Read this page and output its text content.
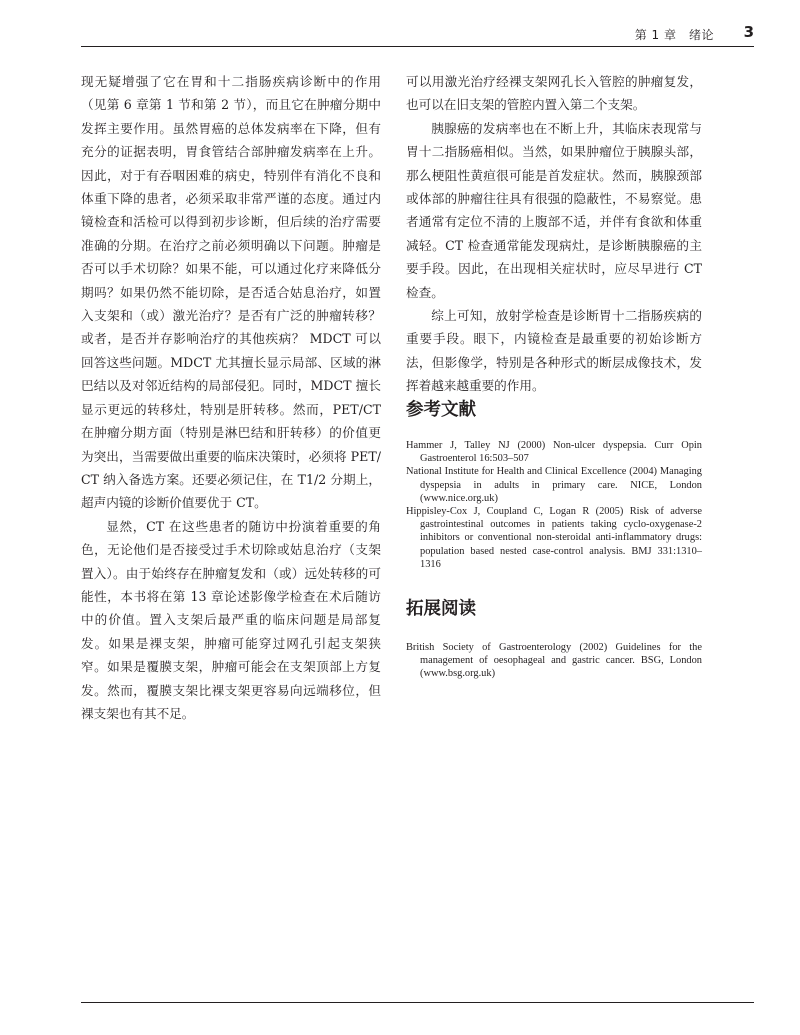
第 1 章　绪论 3

现无疑增强了它在胃和十二指肠疾病诊断中的作用（见第 6 章第 1 节和第 2 节），而且它在肿瘤分期中发挥主要作用。虽然胃癌的总体发病率在下降，但有充分的证据表明，胃食管结合部肿瘤发病率在上升。因此，对于有吞咽困难的病史，特别伴有消化不良和体重下降的患者，必须采取非常严谨的态度。通过内镜检查和活检可以得到初步诊断，但后续的治疗需要准确的分期。在治疗之前必须明确以下问题。肿瘤是否可以手术切除？如果不能，可以通过化疗来降低分期吗？如果仍然不能切除，是否适合姑息治疗，如置入支架和（或）激光治疗？是否有广泛的肿瘤转移？或者，是否并存影响治疗的其他疾病？ MDCT 可以回答这些问题。MDCT 尤其擅长显示局部、区域的淋巴结以及对邻近结构的局部侵犯。同时，MDCT 擅长显示更远的转移灶，特别是肝转移。然而，PET/CT 在肿瘤分期方面（特别是淋巴结和肝转移）的价值更为突出，当需要做出重要的临床决策时，必须将 PET/CT 纳入备选方案。还要必须记住，在 T1/2 分期上，超声内镜的诊断价值要优于 CT。

显然，CT 在这些患者的随访中扮演着重要的角色，无论他们是否接受过手术切除或姑息治疗（支架置入）。由于始终存在肿瘤复发和（或）远处转移的可能性，本书将在第 13 章论述影像学检查在术后随访中的价值。置入支架后最严重的临床问题是局部复发。如果是裸支架，肿瘤可能穿过网孔引起支架狭窄。如果是覆膜支架，肿瘤可能会在支架顶部上方复发。然而，覆膜支架比裸支架更容易向远端移位，但裸支架也有其不足。

可以用激光治疗经裸支架网孔长入管腔的肿瘤复发，也可以在旧支架的管腔内置入第二个支架。

胰腺癌的发病率也在不断上升，其临床表现常与胃十二指肠癌相似。当然，如果肿瘤位于胰腺头部，那么梗阻性黄疸很可能是首发症状。然而，胰腺颈部或体部的肿瘤往往具有很强的隐蔽性，不易察觉。患者通常有定位不清的上腹部不适，并伴有食欲和体重减轻。CT 检查通常能发现病灶，是诊断胰腺癌的主要手段。因此，在出现相关症状时，应尽早进行 CT 检查。

综上可知，放射学检查是诊断胃十二指肠疾病的重要手段。眼下，内镜检查是最重要的初始诊断方法，但影像学，特别是各种形式的断层成像技术，发挥着越来越重要的作用。

参考文献
Hammer J, Talley NJ (2000) Non-ulcer dyspepsia. Curr Opin Gastroenterol 16:503–507
National Institute for Health and Clinical Excellence (2004) Managing dyspepsia in adults in primary care. NICE, London (www.nice.org.uk)
Hippisley-Cox J, Coupland C, Logan R (2005) Risk of adverse gastrointestinal outcomes in patients taking cyclo-oxygenase-2 inhibitors or conventional non-steroidal anti-inflammatory drugs: population based nested case-control analysis. BMJ 331:1310–1316
拓展阅读
British Society of Gastroenterology (2002) Guidelines for the management of oesophageal and gastric cancer. BSG, London (www.bsg.org.uk)
